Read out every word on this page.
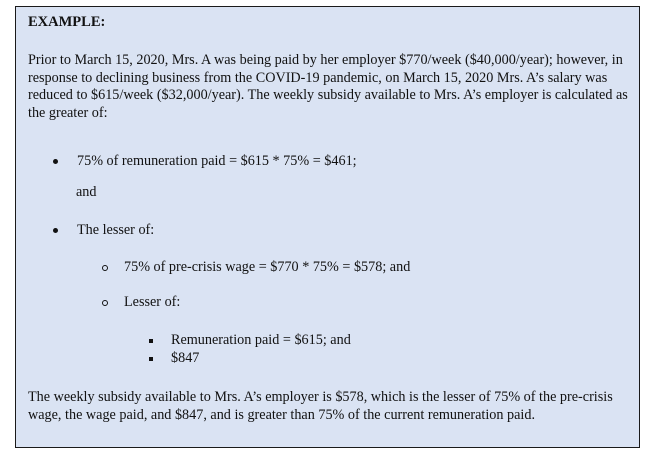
EXAMPLE:

Prior to March 15, 2020, Mrs. A was being paid by her employer $770/week ($40,000/year); however, in response to declining business from the COVID-19 pandemic, on March 15, 2020 Mrs. A’s salary was reduced to $615/week ($32,000/year). The weekly subsidy available to Mrs. A’s employer is calculated as the greater of:

75% of remuneration paid = $615 * 75% = $461;
and
The lesser of:
75% of pre-crisis wage = $770 * 75% = $578; and
Lesser of:
Remuneration paid = $615; and
$847

The weekly subsidy available to Mrs. A’s employer is $578, which is the lesser of 75% of the pre-crisis wage, the wage paid, and $847, and is greater than 75% of the current remuneration paid.
